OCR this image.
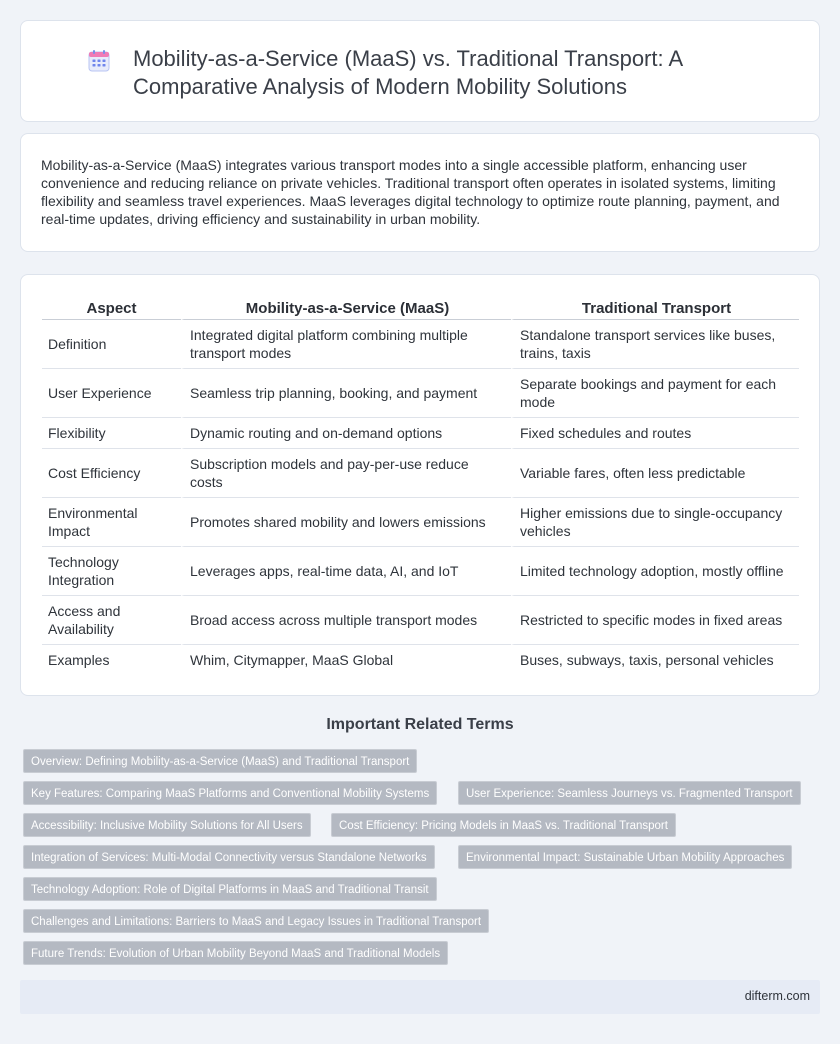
Mobility-as-a-Service (MaaS) vs. Traditional Transport: A Comparative Analysis of Modern Mobility Solutions

Mobility-as-a-Service (MaaS) integrates various transport modes into a single accessible platform, enhancing user convenience and reducing reliance on private vehicles. Traditional transport often operates in isolated systems, limiting flexibility and seamless travel experiences. MaaS leverages digital technology to optimize route planning, payment, and real-time updates, driving efficiency and sustainability in urban mobility.

Aspect	Mobility-as-a-Service (MaaS)	Traditional Transport
Definition	Integrated digital platform combining multiple transport modes	Standalone transport services like buses, trains, taxis
User Experience	Seamless trip planning, booking, and payment	Separate bookings and payment for each mode
Flexibility	Dynamic routing and on-demand options	Fixed schedules and routes
Cost Efficiency	Subscription models and pay-per-use reduce costs	Variable fares, often less predictable
Environmental Impact	Promotes shared mobility and lowers emissions	Higher emissions due to single-occupancy vehicles
Technology Integration	Leverages apps, real-time data, AI, and IoT	Limited technology adoption, mostly offline
Access and Availability	Broad access across multiple transport modes	Restricted to specific modes in fixed areas
Examples	Whim, Citymapper, MaaS Global	Buses, subways, taxis, personal vehicles
Important Related Terms
Overview: Defining Mobility-as-a-Service (MaaS) and Traditional Transport
Key Features: Comparing MaaS Platforms and Conventional Mobility Systems	User Experience: Seamless Journeys vs. Fragmented Transport
Accessibility: Inclusive Mobility Solutions for All Users	Cost Efficiency: Pricing Models in MaaS vs. Traditional Transport
Integration of Services: Multi-Modal Connectivity versus Standalone Networks	Environmental Impact: Sustainable Urban Mobility Approaches
Technology Adoption: Role of Digital Platforms in MaaS and Traditional Transit
Challenges and Limitations: Barriers to MaaS and Legacy Issues in Traditional Transport
Future Trends: Evolution of Urban Mobility Beyond MaaS and Traditional Models
difterm.com
